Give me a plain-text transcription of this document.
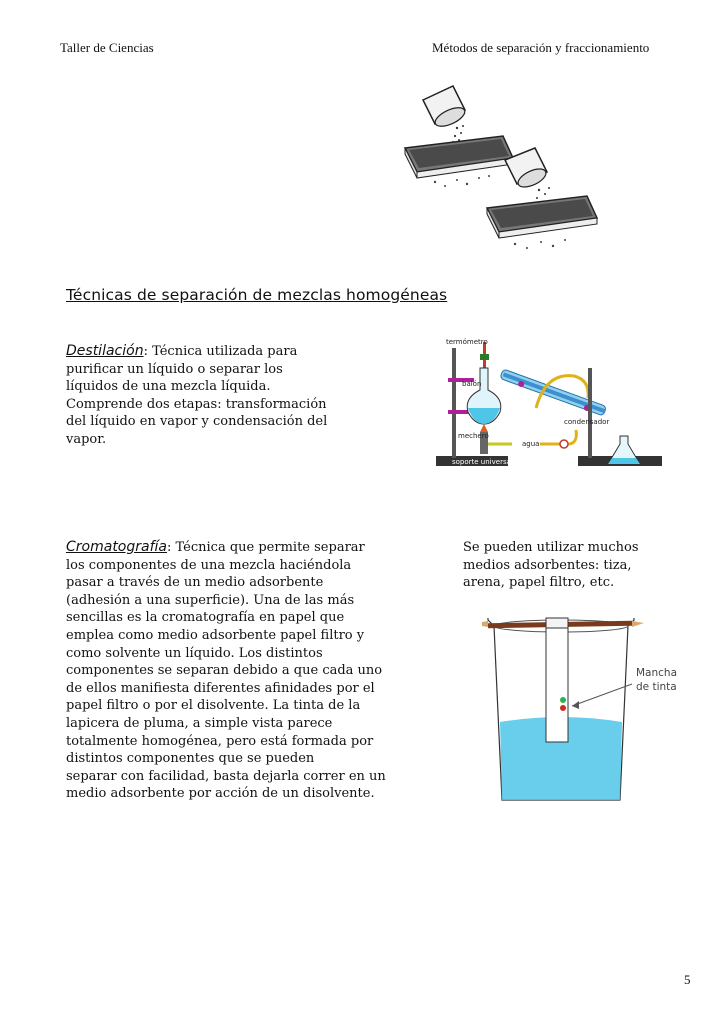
Taller de Ciencias	Métodos de separación y fraccionamiento
Técnicas de separación de mezclas homogéneas
Destilación: Técnica utilizada para
purificar un líquido o separar los
líquidos de una mezcla líquida.
Comprende dos etapas: transformación
del líquido en vapor y condensación del
vapor.
termómetro
balón
condensador
mechero
agua
soporte universal
Cromatografía: Técnica que permite separar
los componentes de una mezcla haciéndola
pasar a través de un medio adsorbente
(adhesión a una superficie). Una de las más
sencillas es la cromatografía en papel que
emplea como medio adsorbente papel filtro y
como solvente un líquido. Los distintos
componentes se separan debido a que cada uno
de ellos manifiesta diferentes afinidades por el
papel filtro o por el disolvente. La tinta de la
lapicera de pluma, a simple vista parece
totalmente homogénea, pero está formada por
distintos componentes que se pueden
separar con facilidad, basta dejarla correr en un
medio adsorbente por acción de un disolvente.
Se pueden utilizar muchos
medios adsorbentes: tiza,
arena, papel filtro, etc.
Mancha
de tinta
5
